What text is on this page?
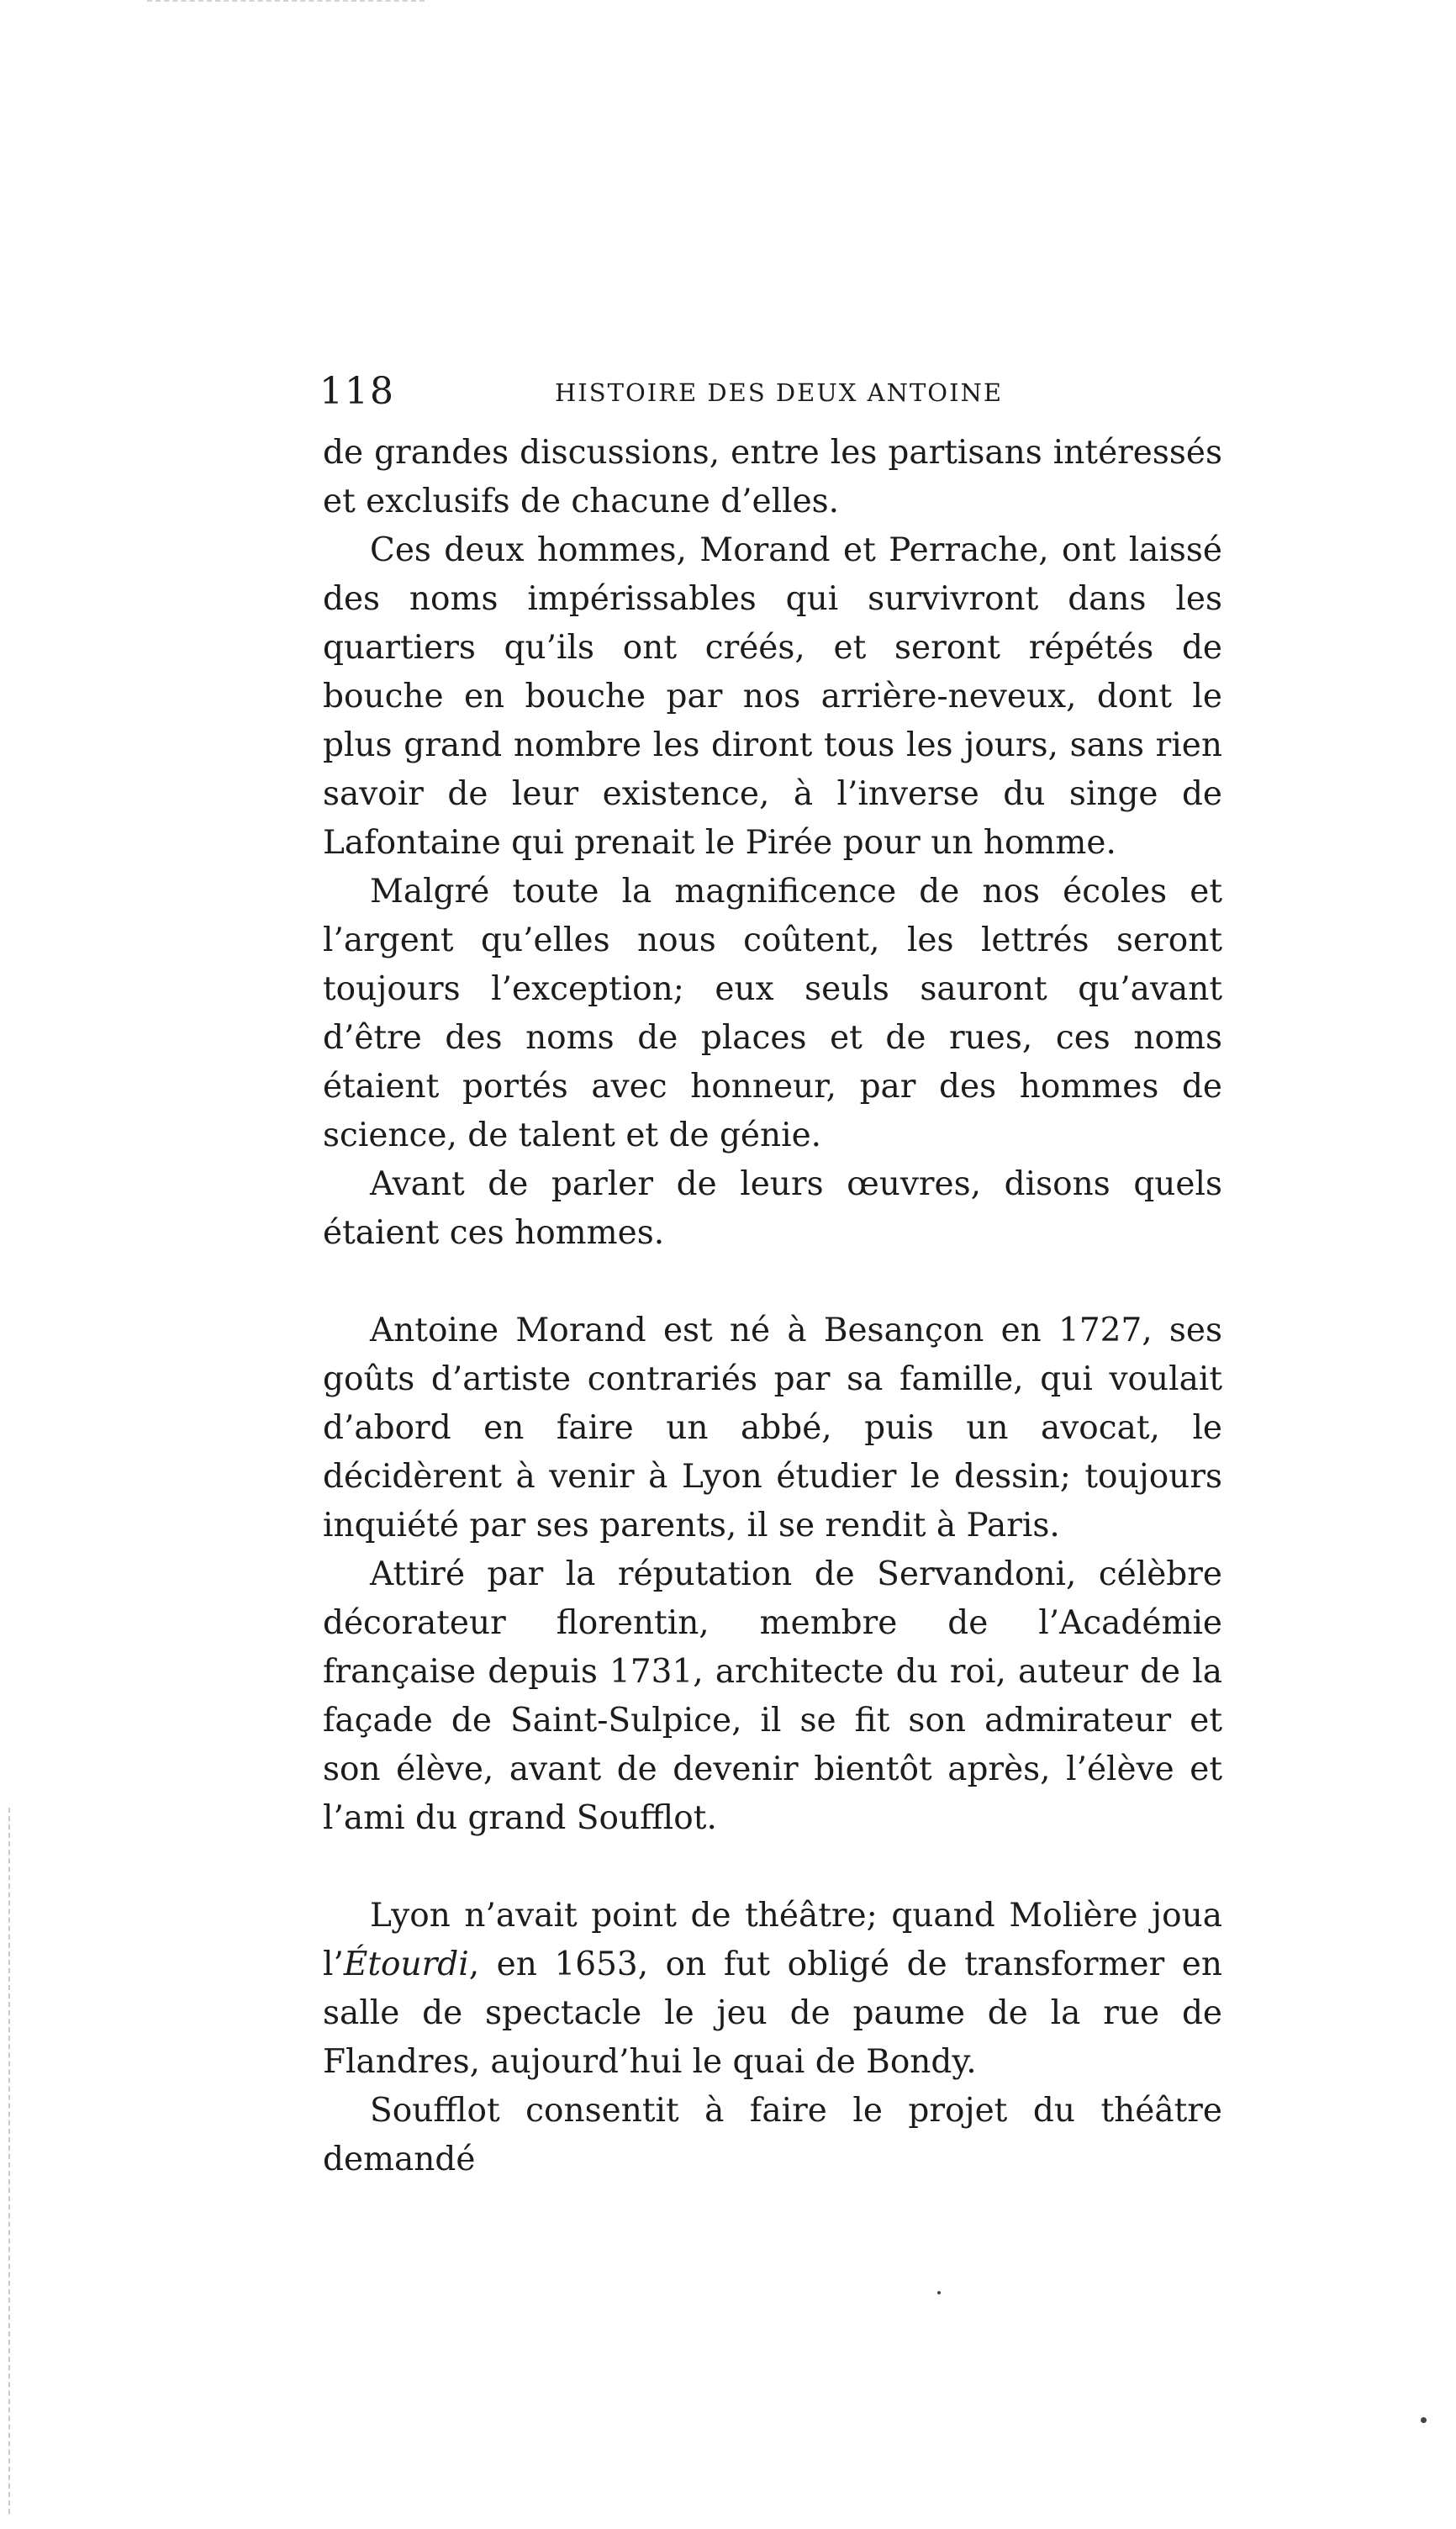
118	HISTOIRE DES DEUX ANTOINE

de grandes discussions, entre les partisans intéressés et exclusifs de chacune d’elles.

Ces deux hommes, Morand et Perrache, ont laissé des noms impérissables qui survivront dans les quartiers qu’ils ont créés, et seront répétés de bouche en bouche par nos arrière-neveux, dont le plus grand nombre les diront tous les jours, sans rien savoir de leur existence, à l’inverse du singe de Lafontaine qui prenait le Pirée pour un homme.

Malgré toute la magnificence de nos écoles et l’argent qu’elles nous coûtent, les lettrés seront toujours l’exception; eux seuls sauront qu’avant d’être des noms de places et de rues, ces noms étaient portés avec honneur, par des hommes de science, de talent et de génie.

Avant de parler de leurs œuvres, disons quels étaient ces hommes.

Antoine Morand est né à Besançon en 1727, ses goûts d’artiste contrariés par sa famille, qui voulait d’abord en faire un abbé, puis un avocat, le décidèrent à venir à Lyon étudier le dessin; toujours inquiété par ses parents, il se rendit à Paris.

Attiré par la réputation de Servandoni, célèbre décorateur florentin, membre de l’Académie française depuis 1731, architecte du roi, auteur de la façade de Saint-Sulpice, il se fit son admirateur et son élève, avant de devenir bientôt après, l’élève et l’ami du grand Soufflot.

Lyon n’avait point de théâtre; quand Molière joua l’Étourdi, en 1653, on fut obligé de transformer en salle de spectacle le jeu de paume de la rue de Flandres, aujourd’hui le quai de Bondy.

Soufflot consentit à faire le projet du théâtre demandé
